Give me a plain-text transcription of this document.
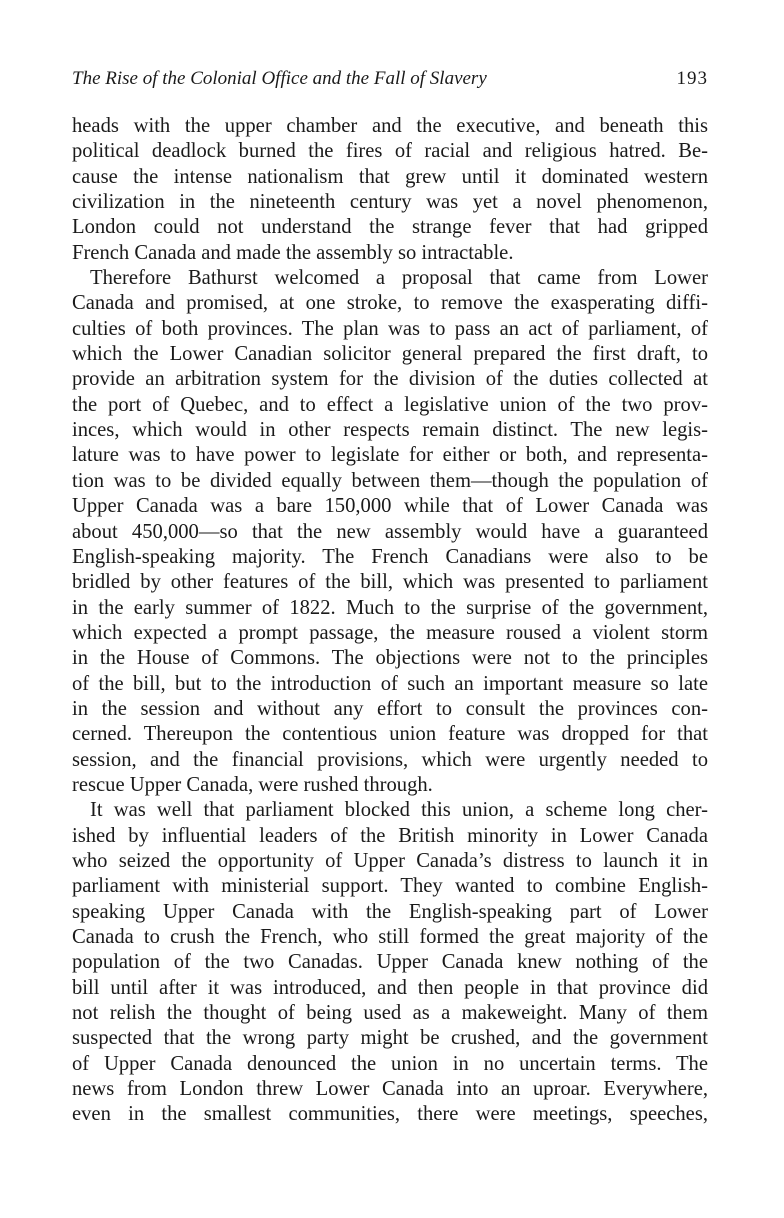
The Rise of the Colonial Office and the Fall of Slavery	193
heads with the upper chamber and the executive, and beneath this
political deadlock burned the fires of racial and religious hatred. Be-
cause the intense nationalism that grew until it dominated western
civilization in the nineteenth century was yet a novel phenomenon,
London could not understand the strange fever that had gripped
French Canada and made the assembly so intractable.
Therefore Bathurst welcomed a proposal that came from Lower
Canada and promised, at one stroke, to remove the exasperating diffi-
culties of both provinces. The plan was to pass an act of parliament, of
which the Lower Canadian solicitor general prepared the first draft, to
provide an arbitration system for the division of the duties collected at
the port of Quebec, and to effect a legislative union of the two prov-
inces, which would in other respects remain distinct. The new legis-
lature was to have power to legislate for either or both, and representa-
tion was to be divided equally between them—though the population of
Upper Canada was a bare 150,000 while that of Lower Canada was
about 450,000—so that the new assembly would have a guaranteed
English-speaking majority. The French Canadians were also to be
bridled by other features of the bill, which was presented to parliament
in the early summer of 1822. Much to the surprise of the government,
which expected a prompt passage, the measure roused a violent storm
in the House of Commons. The objections were not to the principles
of the bill, but to the introduction of such an important measure so late
in the session and without any effort to consult the provinces con-
cerned. Thereupon the contentious union feature was dropped for that
session, and the financial provisions, which were urgently needed to
rescue Upper Canada, were rushed through.
It was well that parliament blocked this union, a scheme long cher-
ished by influential leaders of the British minority in Lower Canada
who seized the opportunity of Upper Canada’s distress to launch it in
parliament with ministerial support. They wanted to combine English-
speaking Upper Canada with the English-speaking part of Lower
Canada to crush the French, who still formed the great majority of the
population of the two Canadas. Upper Canada knew nothing of the
bill until after it was introduced, and then people in that province did
not relish the thought of being used as a makeweight. Many of them
suspected that the wrong party might be crushed, and the government
of Upper Canada denounced the union in no uncertain terms. The
news from London threw Lower Canada into an uproar. Everywhere,
even in the smallest communities, there were meetings, speeches,
